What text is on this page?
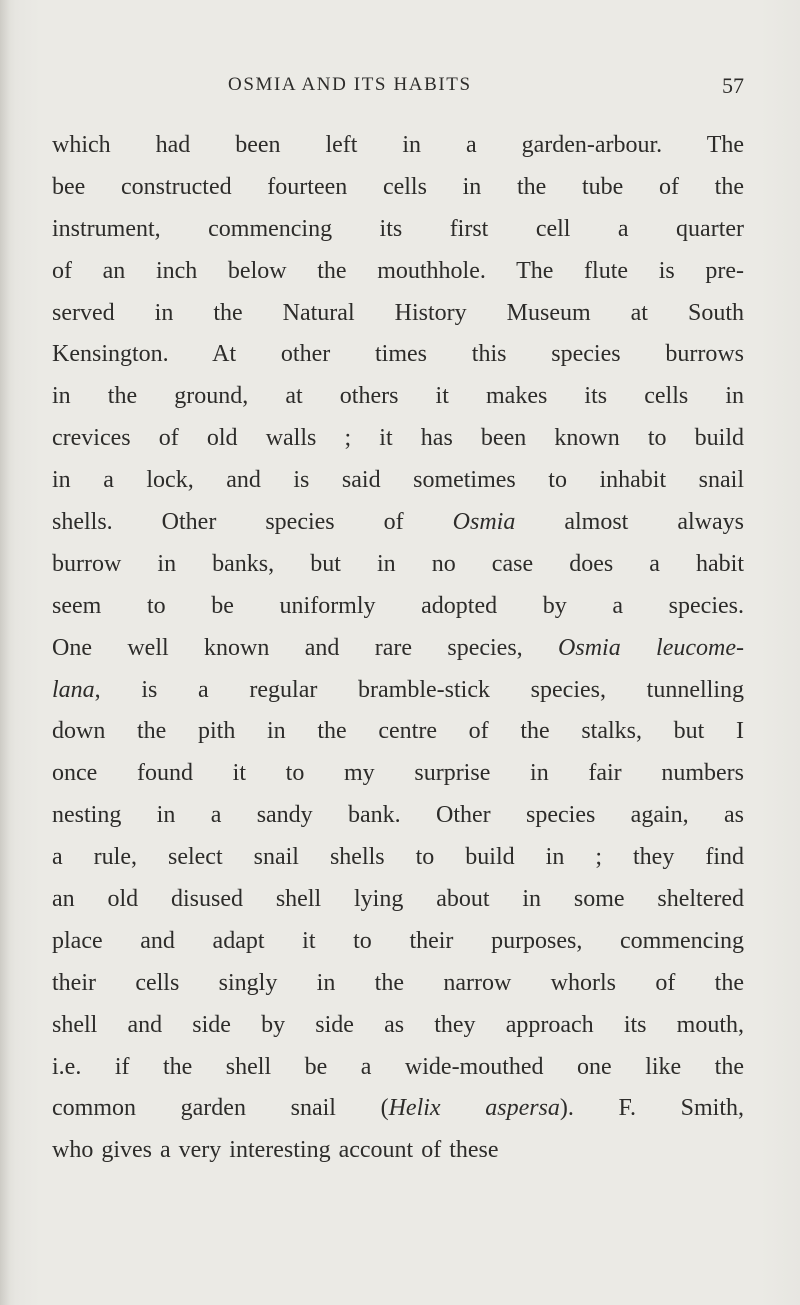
OSMIA AND ITS HABITS	57
which had been left in a garden-arbour. The
bee constructed fourteen cells in the tube of the
instrument, commencing its first cell a quarter
of an inch below the mouthhole. The flute is pre-
served in the Natural History Museum at South
Kensington. At other times this species burrows
in the ground, at others it makes its cells in
crevices of old walls ; it has been known to build
in a lock, and is said sometimes to inhabit snail
shells. Other species of Osmia almost always
burrow in banks, but in no case does a habit
seem to be uniformly adopted by a species.
One well known and rare species, Osmia leucome-
lana, is a regular bramble-stick species, tunnelling
down the pith in the centre of the stalks, but I
once found it to my surprise in fair numbers
nesting in a sandy bank. Other species again, as
a rule, select snail shells to build in ; they find
an old disused shell lying about in some sheltered
place and adapt it to their purposes, commencing
their cells singly in the narrow whorls of the
shell and side by side as they approach its mouth,
i.e. if the shell be a wide-mouthed one like the
common garden snail (Helix aspersa). F. Smith,
who gives a very interesting account of these
